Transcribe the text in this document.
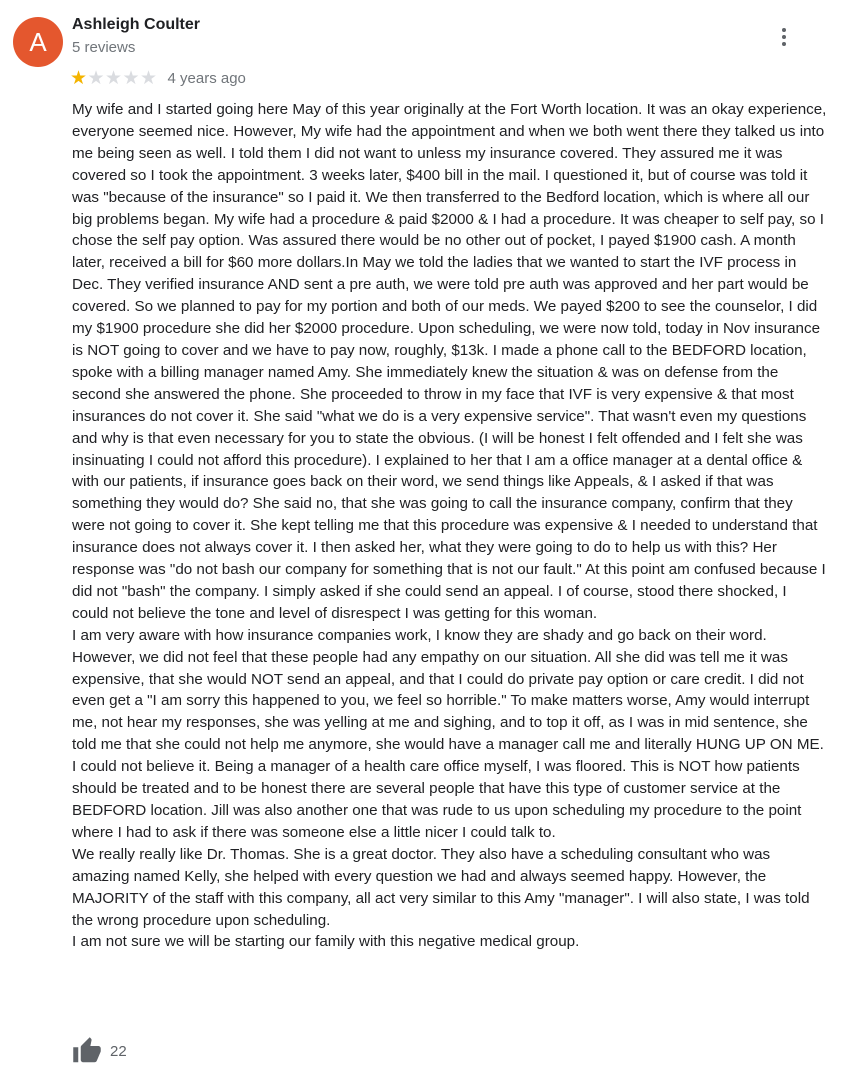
A
Ashleigh Coulter
5 reviews
★ ★ ★ ★ ★ 4 years ago

My wife and I started going here May of this year originally at the Fort Worth location. It was an okay experience, everyone seemed nice. However, My wife had the appointment and when we both went there they talked us into me being seen as well. I told them I did not want to unless my insurance covered. They assured me it was covered so I took the appointment. 3 weeks later, $400 bill in the mail. I questioned it, but of course was told it was "because of the insurance" so I paid it. We then transferred to the Bedford location, which is where all our big problems began. My wife had a procedure & paid $2000 & I had a procedure. It was cheaper to self pay, so I chose the self pay option. Was assured there would be no other out of pocket, I payed $1900 cash. A month later, received a bill for $60 more dollars.In May we told the ladies that we wanted to start the IVF process in Dec. They verified insurance AND sent a pre auth, we were told pre auth was approved and her part would be covered. So we planned to pay for my portion and both of our meds. We payed $200 to see the counselor, I did my $1900 procedure she did her $2000 procedure. Upon scheduling, we were now told, today in Nov insurance is NOT going to cover and we have to pay now, roughly, $13k. I made a phone call to the BEDFORD location, spoke with a billing manager named Amy. She immediately knew the situation & was on defense from the second she answered the phone. She proceeded to throw in my face that IVF is very expensive & that most insurances do not cover it. She said "what we do is a very expensive service". That wasn't even my questions and why is that even necessary for you to state the obvious. (I will be honest I felt offended and I felt she was insinuating I could not afford this procedure). I explained to her that I am a office manager at a dental office & with our patients, if insurance goes back on their word, we send things like Appeals, & I asked if that was something they would do? She said no, that she was going to call the insurance company, confirm that they were not going to cover it. She kept telling me that this procedure was expensive & I needed to understand that insurance does not always cover it. I then asked her, what they were going to do to help us with this? Her response was "do not bash our company for something that is not our fault." At this point am confused because I did not "bash" the company. I simply asked if she could send an appeal. I of course, stood there shocked, I could not believe the tone and level of disrespect I was getting for this woman.

I am very aware with how insurance companies work, I know they are shady and go back on their word. However, we did not feel that these people had any empathy on our situation. All she did was tell me it was expensive, that she would NOT send an appeal, and that I could do private pay option or care credit. I did not even get a "I am sorry this happened to you, we feel so horrible." To make matters worse, Amy would interrupt me, not hear my responses, she was yelling at me and sighing, and to top it off, as I was in mid sentence, she told me that she could not help me anymore, she would have a manager call me and literally HUNG UP ON ME. I could not believe it. Being a manager of a health care office myself, I was floored. This is NOT how patients should be treated and to be honest there are several people that have this type of customer service at the BEDFORD location. Jill was also another one that was rude to us upon scheduling my procedure to the point where I had to ask if there was someone else a little nicer I could talk to.

We really really like Dr. Thomas. She is a great doctor. They also have a scheduling consultant who was amazing named Kelly, she helped with every question we had and always seemed happy. However, the MAJORITY of the staff with this company, all act very similar to this Amy "manager". I will also state, I was told the wrong procedure upon scheduling.

I am not sure we will be starting our family with this negative medical group.

22
